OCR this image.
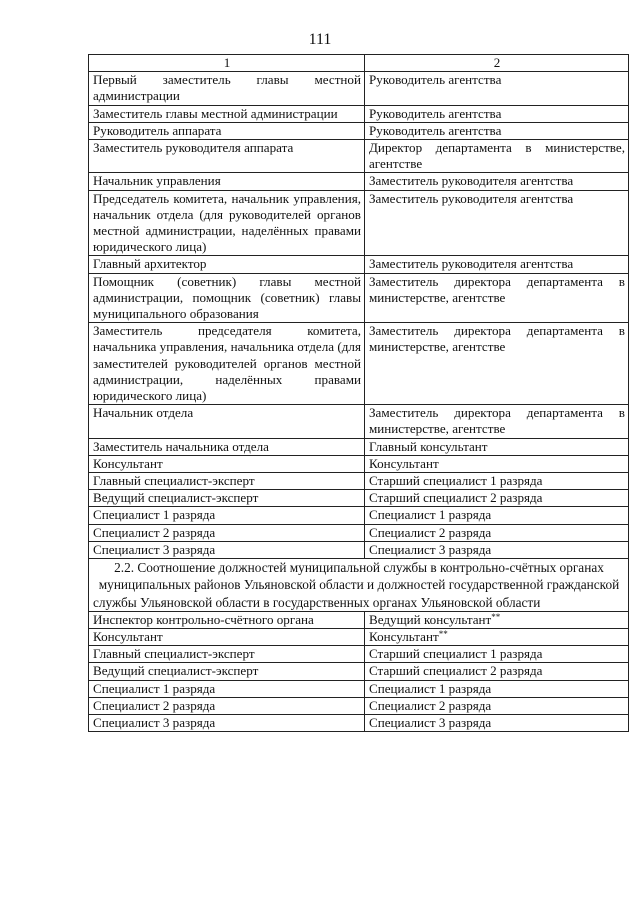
111
1	2
Первый заместитель главы местной администрации	Руководитель агентства
Заместитель главы местной администрации	Руководитель агентства
Руководитель аппарата	Руководитель агентства
Заместитель руководителя аппарата	Директор департамента в министерстве, агентстве
Начальник управления	Заместитель руководителя агентства
Председатель комитета, начальник управления, начальник отдела (для руководителей органов местной администрации, наделённых правами юридического лица)	Заместитель руководителя агентства
Главный архитектор	Заместитель руководителя агентства
Помощник (советник) главы местной администрации, помощник (советник) главы муниципального образования	Заместитель директора департамента в министерстве, агентстве
Заместитель председателя комитета, начальника управления, начальника отдела (для заместителей руководителей органов местной администрации, наделённых правами юридического лица)	Заместитель директора департамента в министерстве, агентстве
Начальник отдела	Заместитель директора департамента в министерстве, агентстве
Заместитель начальника отдела	Главный консультант
Консультант	Консультант
Главный специалист-эксперт	Старший специалист 1 разряда
Ведущий специалист-эксперт	Старший специалист 2 разряда
Специалист 1 разряда	Специалист 1 разряда
Специалист 2 разряда	Специалист 2 разряда
Специалист 3 разряда	Специалист 3 разряда
2.2. Соотношение должностей муниципальной службы в контрольно-счётных органах муниципальных районов Ульяновской области и должностей государственной гражданской службы Ульяновской области в государственных органах Ульяновской области	
Инспектор контрольно-счётного органа	Ведущий консультант**
Консультант	Консультант**
Главный специалист-эксперт	Старший специалист 1 разряда
Ведущий специалист-эксперт	Старший специалист 2 разряда
Специалист 1 разряда	Специалист 1 разряда
Специалист 2 разряда	Специалист 2 разряда
Специалист 3 разряда	Специалист 3 разряда
